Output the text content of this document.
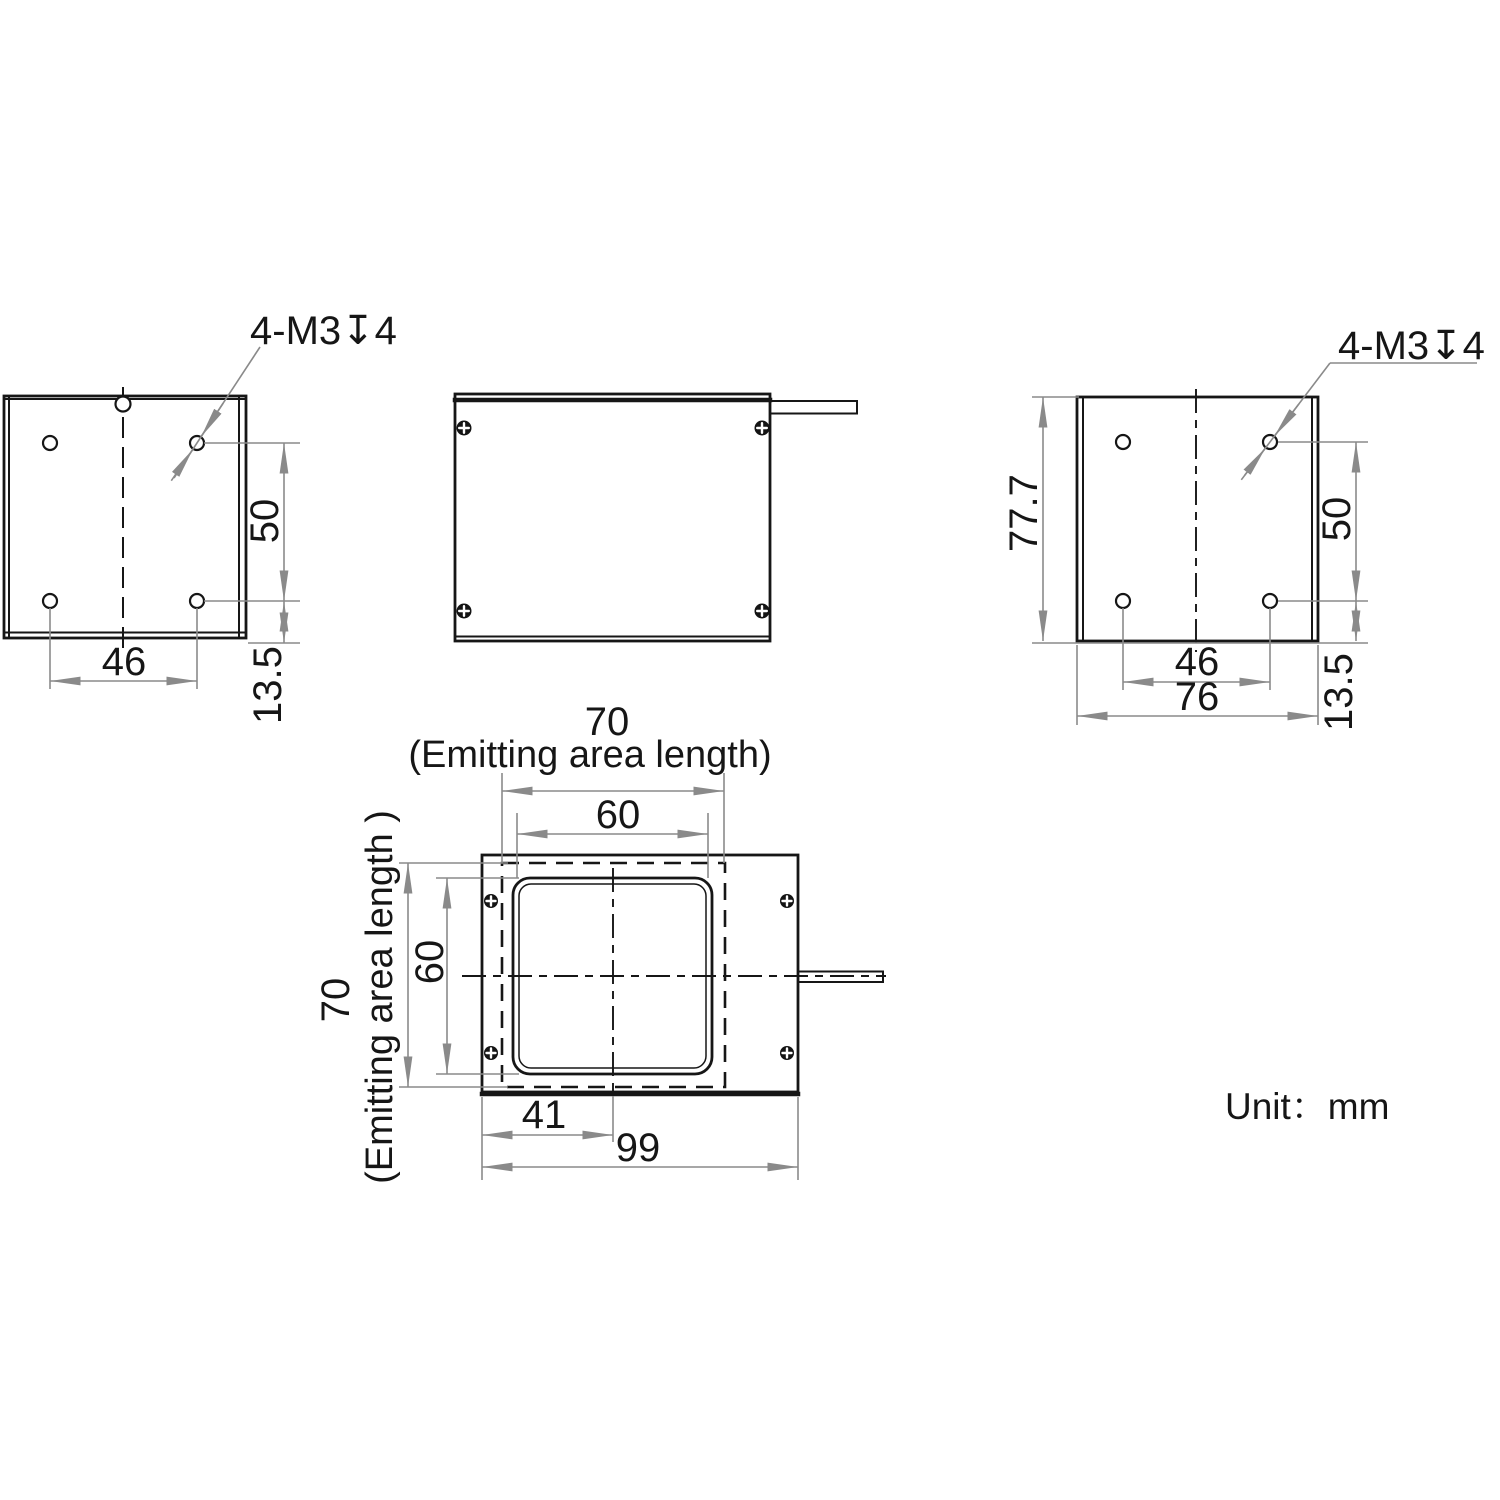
4-M3↧4
50
13.5
46
4-M3↧4
77.7	50
13.5
46
76
70
(Emitting area length)
60
70 (Emitting area length ) 60
41
99
Unit：mm
